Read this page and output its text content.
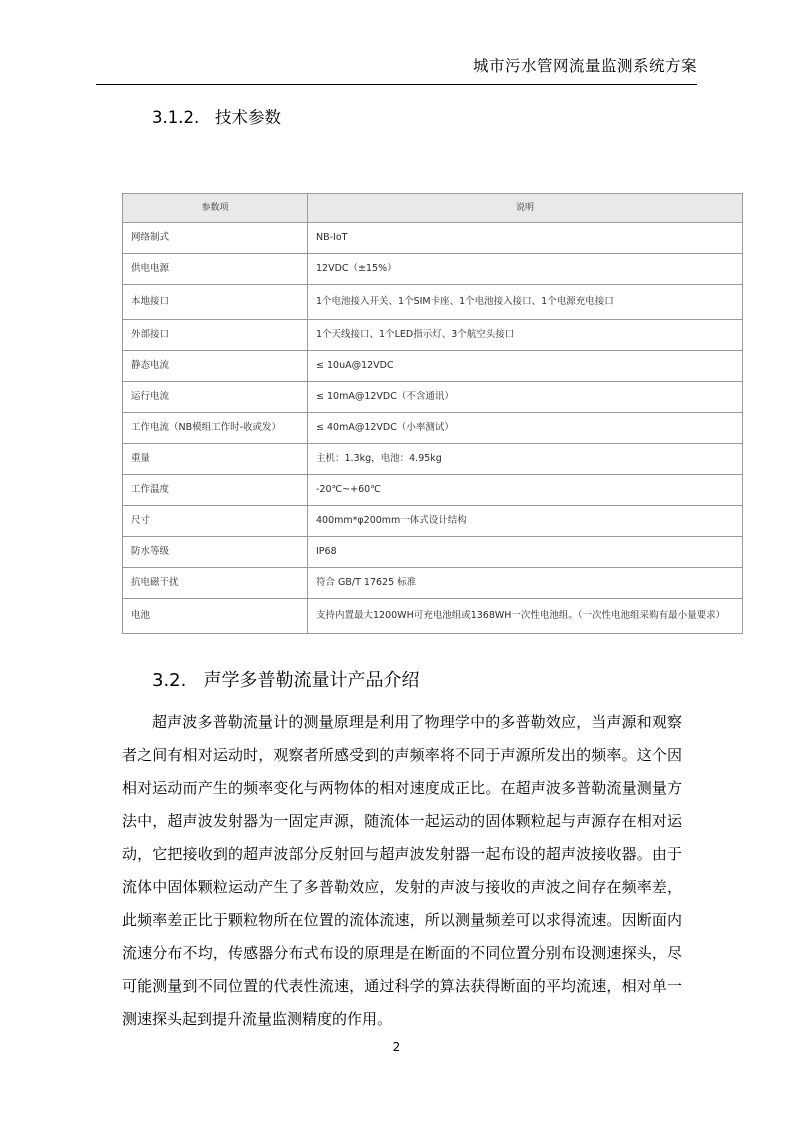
城市污水管网流量监测系统方案
3.1.2.   技术参数
参数项	说明
网络制式	NB-IoT
供电电源	12VDC（±15%）
本地接口	1个电池接入开关、1个SIM卡座、1个电池接入接口、1个电源充电接口
外部接口	1个天线接口、1个LED指示灯、3个航空头接口
静态电流	≤ 10uA@12VDC
运行电流	≤ 10mA@12VDC（不含通讯）
工作电流（NB模组工作时-收或发）	≤ 40mA@12VDC（小率测试）
重量	主机：1.3kg，电池：4.95kg
工作温度	-20℃~+60℃
尺寸	400mm*φ200mm一体式设计结构
防水等级	IP68
抗电磁干扰	符合 GB/T 17625 标准
电池	支持内置最大1200WH可充电池组或1368WH一次性电池组。（一次性电池组采购有最小量要求）
3.2.   声学多普勒流量计产品介绍
超声波多普勒流量计的测量原理是利用了物理学中的多普勒效应，当声源和观察者之间有相对运动时，观察者所感受到的声频率将不同于声源所发出的频率。这个因相对运动而产生的频率变化与两物体的相对速度成正比。在超声波多普勒流量测量方法中，超声波发射器为一固定声源，随流体一起运动的固体颗粒起与声源存在相对运动，它把接收到的超声波部分反射回与超声波发射器一起布设的超声波接收器。由于流体中固体颗粒运动产生了多普勒效应，发射的声波与接收的声波之间存在频率差，此频率差正比于颗粒物所在位置的流体流速，所以测量频差可以求得流速。因断面内流速分布不均，传感器分布式布设的原理是在断面的不同位置分别布设测速探头，尽可能测量到不同位置的代表性流速，通过科学的算法获得断面的平均流速，相对单一测速探头起到提升流量监测精度的作用。
2
